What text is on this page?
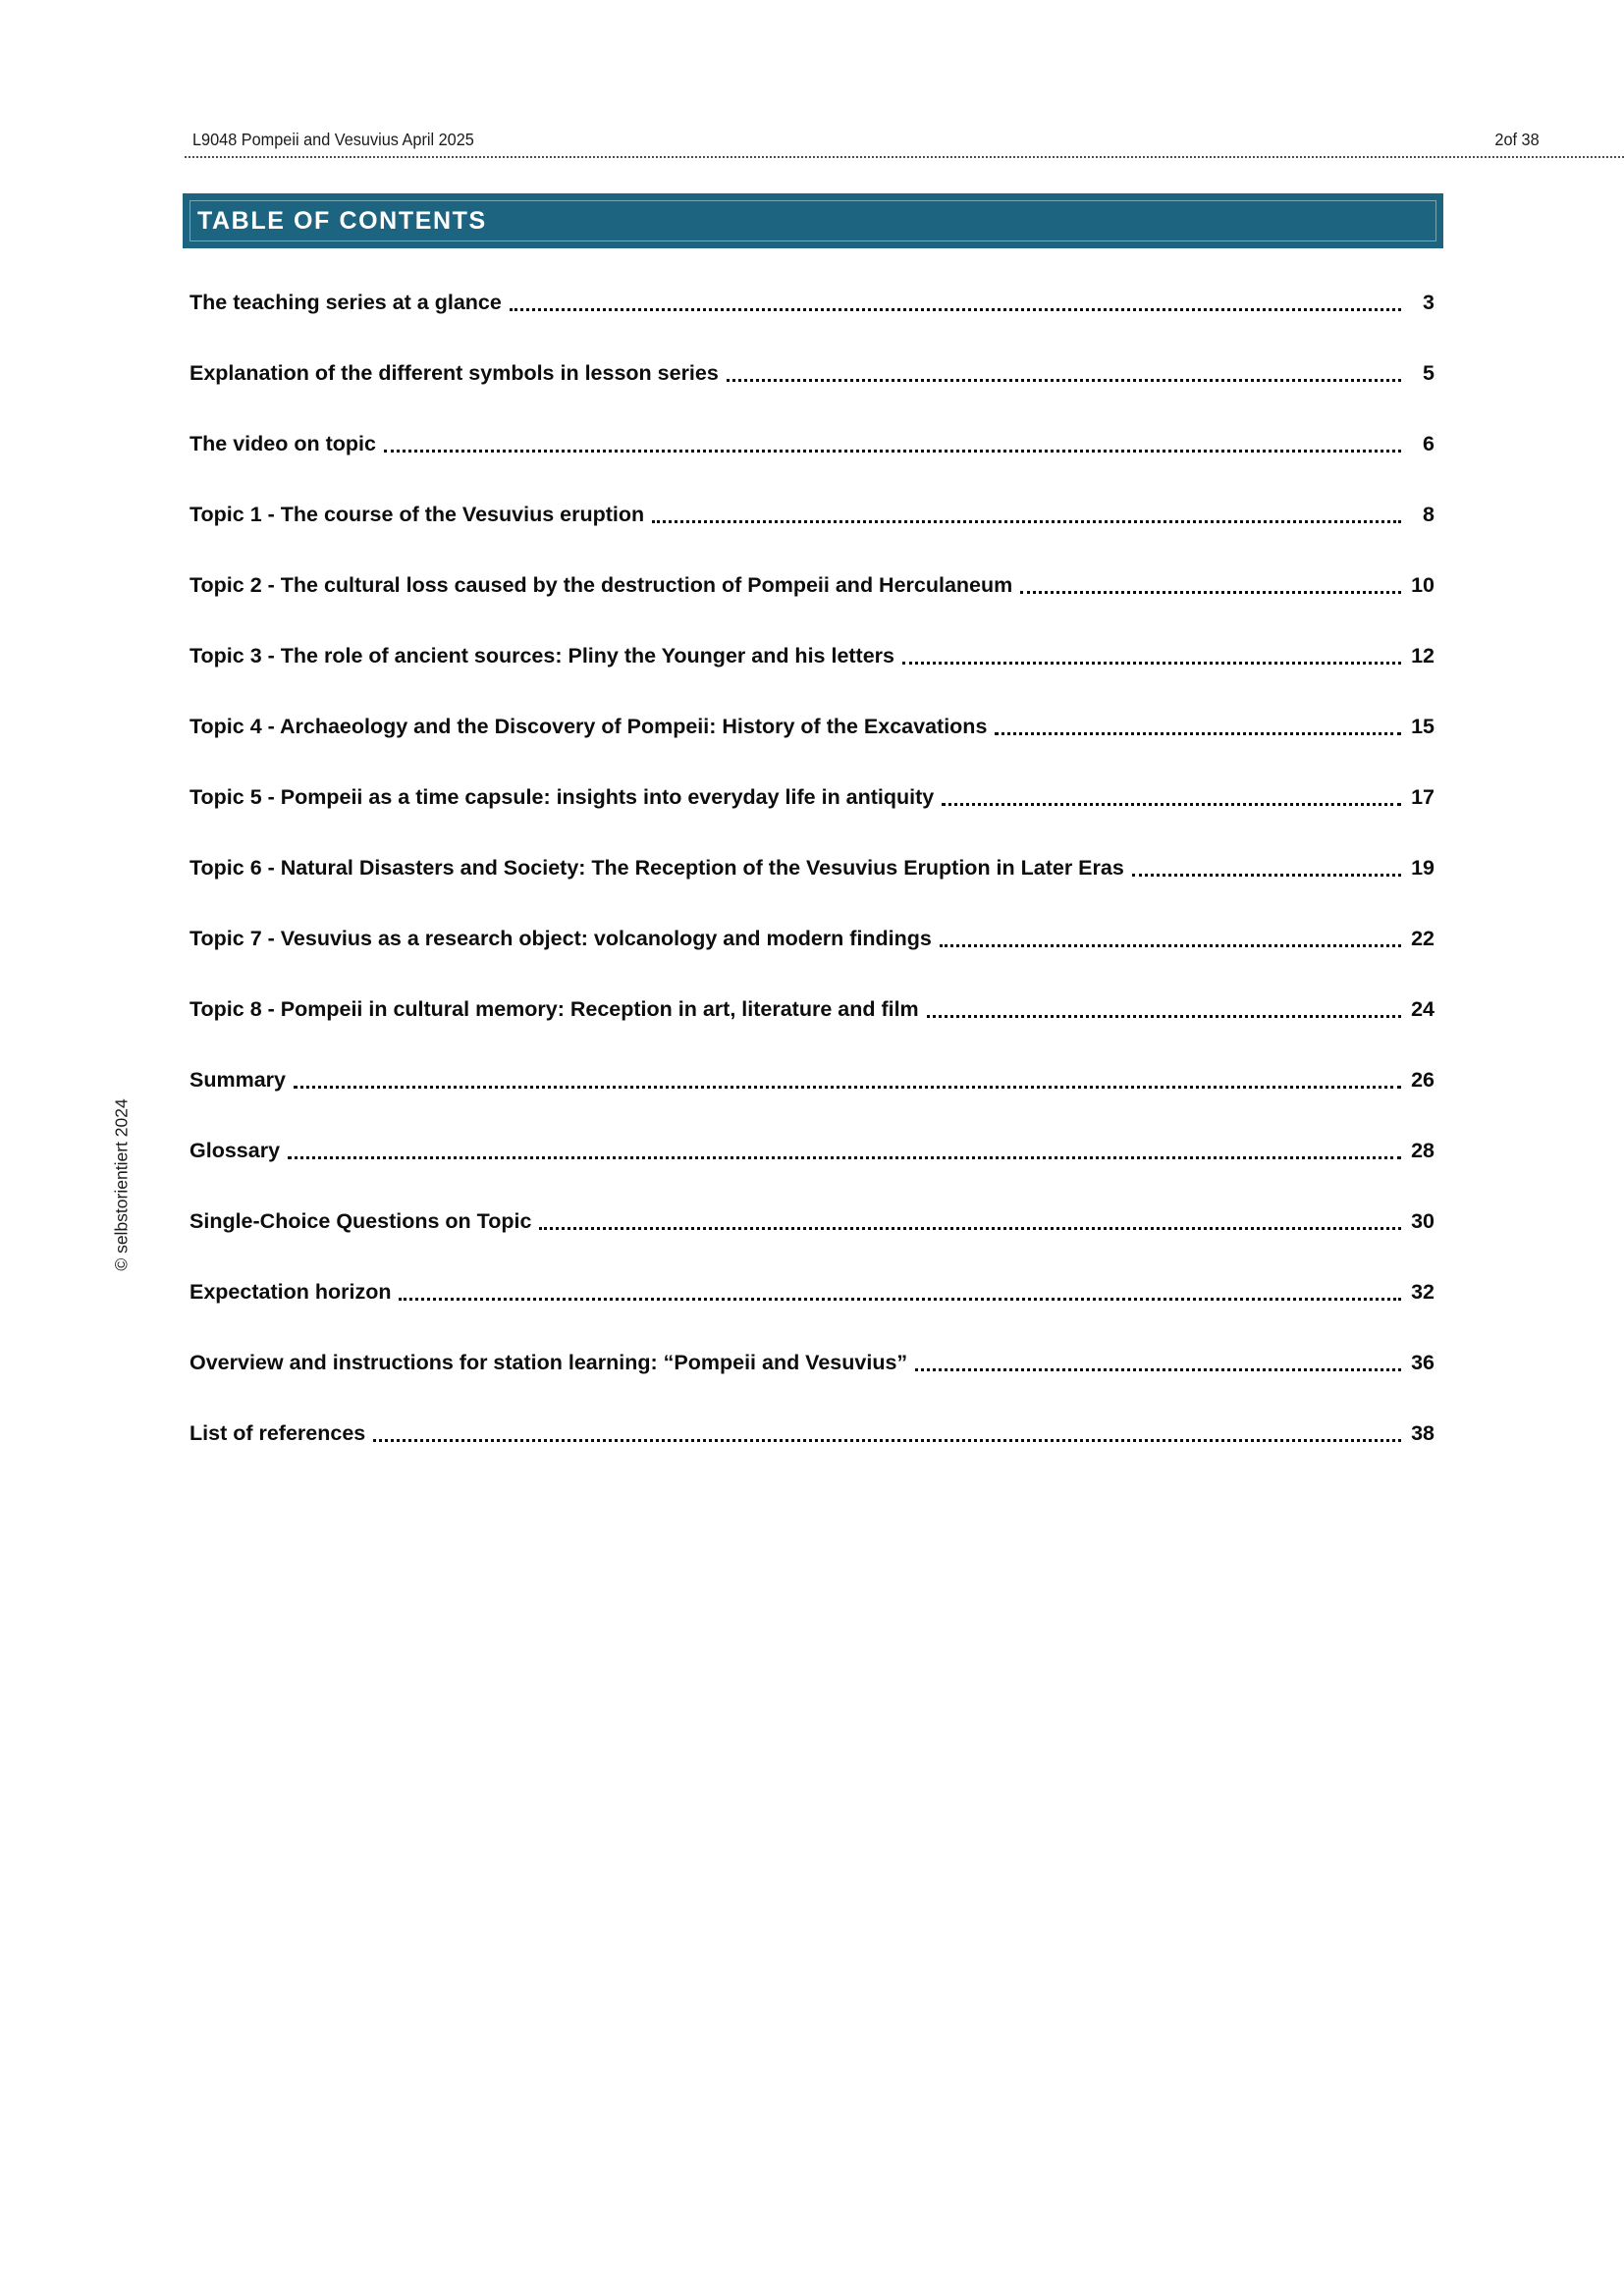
L9048 Pompeii and Vesuvius April 2025	2of 38
TABLE OF CONTENTS
The teaching series at a glance	3
Explanation of the different symbols in lesson series	5
The video on topic	6
Topic 1 - The course of the Vesuvius eruption	8
Topic 2 - The cultural loss caused by the destruction of Pompeii and Herculaneum	10
Topic 3 - The role of ancient sources: Pliny the Younger and his letters	12
Topic 4 - Archaeology and the Discovery of Pompeii: History of the Excavations	15
Topic 5 - Pompeii as a time capsule: insights into everyday life in antiquity	17
Topic 6 - Natural Disasters and Society: The Reception of the Vesuvius Eruption in Later Eras	19
Topic 7 - Vesuvius as a research object: volcanology and modern findings	22
Topic 8 - Pompeii in cultural memory: Reception in art, literature and film	24
Summary	26
Glossary	28
Single-Choice Questions on Topic	30
Expectation horizon	32
Overview and instructions for station learning: “Pompeii and Vesuvius”	36
List of references	38
© selbstorientiert 2024
